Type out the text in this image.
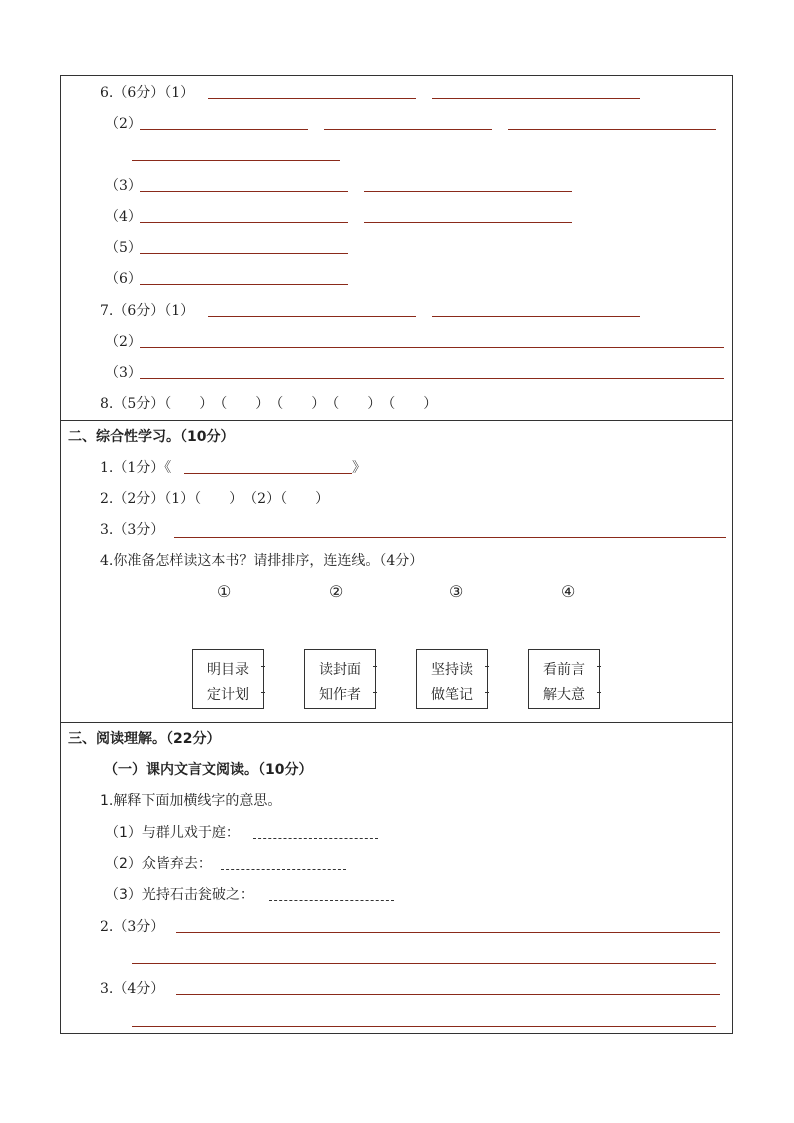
6.（6分）（1）
（2）
（3）
（4）
（5）
（6）
7.（6分）（1）
（2）
（3）
8.（5分）（　　）　（　　）　（　　）　（　　）　（　　）
二、综合性学习。（10分）
1.（1分）《	》
2.（2分）（1）（　　）　（2）（　　）
3.（3分）
4.你准备怎样读这本书？请排排序，连连线。（4分）
①	②	③	④
明目录
定计划
读封面
知作者
坚持读
做笔记
看前言
解大意
三、阅读理解。（22分）
（一）课内文言文阅读。（10分）
1.解释下面加横线字的意思。
（1）与群儿戏于庭：
（2）众皆弃去：
（3）光持石击瓮破之：
2.（3分）
3.（4分）
